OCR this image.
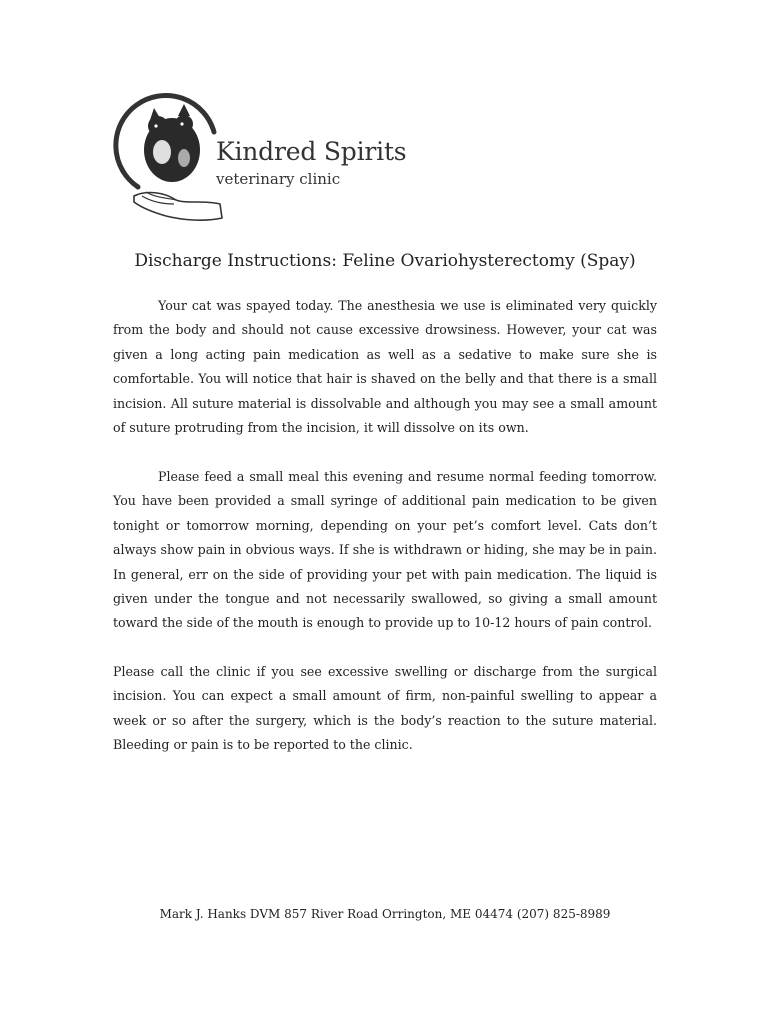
Kindred Spirits
veterinary clinic
Discharge Instructions: Feline Ovariohysterectomy (Spay)

Your cat was spayed today. The anesthesia we use is eliminated very quickly from the body and should not cause excessive drowsiness. However, your cat was given a long acting pain medication as well as a sedative to make sure she is comfortable. You will notice that hair is shaved on the belly and that there is a small incision. All suture material is dissolvable and although you may see a small amount of suture protruding from the incision, it will dissolve on its own.

Please feed a small meal this evening and resume normal feeding tomorrow. You have been provided a small syringe of additional pain medication to be given tonight or tomorrow morning, depending on your pet’s comfort level. Cats don’t always show pain in obvious ways. If she is withdrawn or hiding, she may be in pain. In general, err on the side of providing your pet with pain medication. The liquid is given under the tongue and not necessarily swallowed, so giving a small amount toward the side of the mouth is enough to provide up to 10-12 hours of pain control.

Please call the clinic if you see excessive swelling or discharge from the surgical incision. You can expect a small amount of firm, non-painful swelling to appear a week or so after the surgery, which is the body’s reaction to the suture material. Bleeding or pain is to be reported to the clinic.

Mark J. Hanks DVM 857 River Road Orrington, ME 04474 (207) 825-8989
